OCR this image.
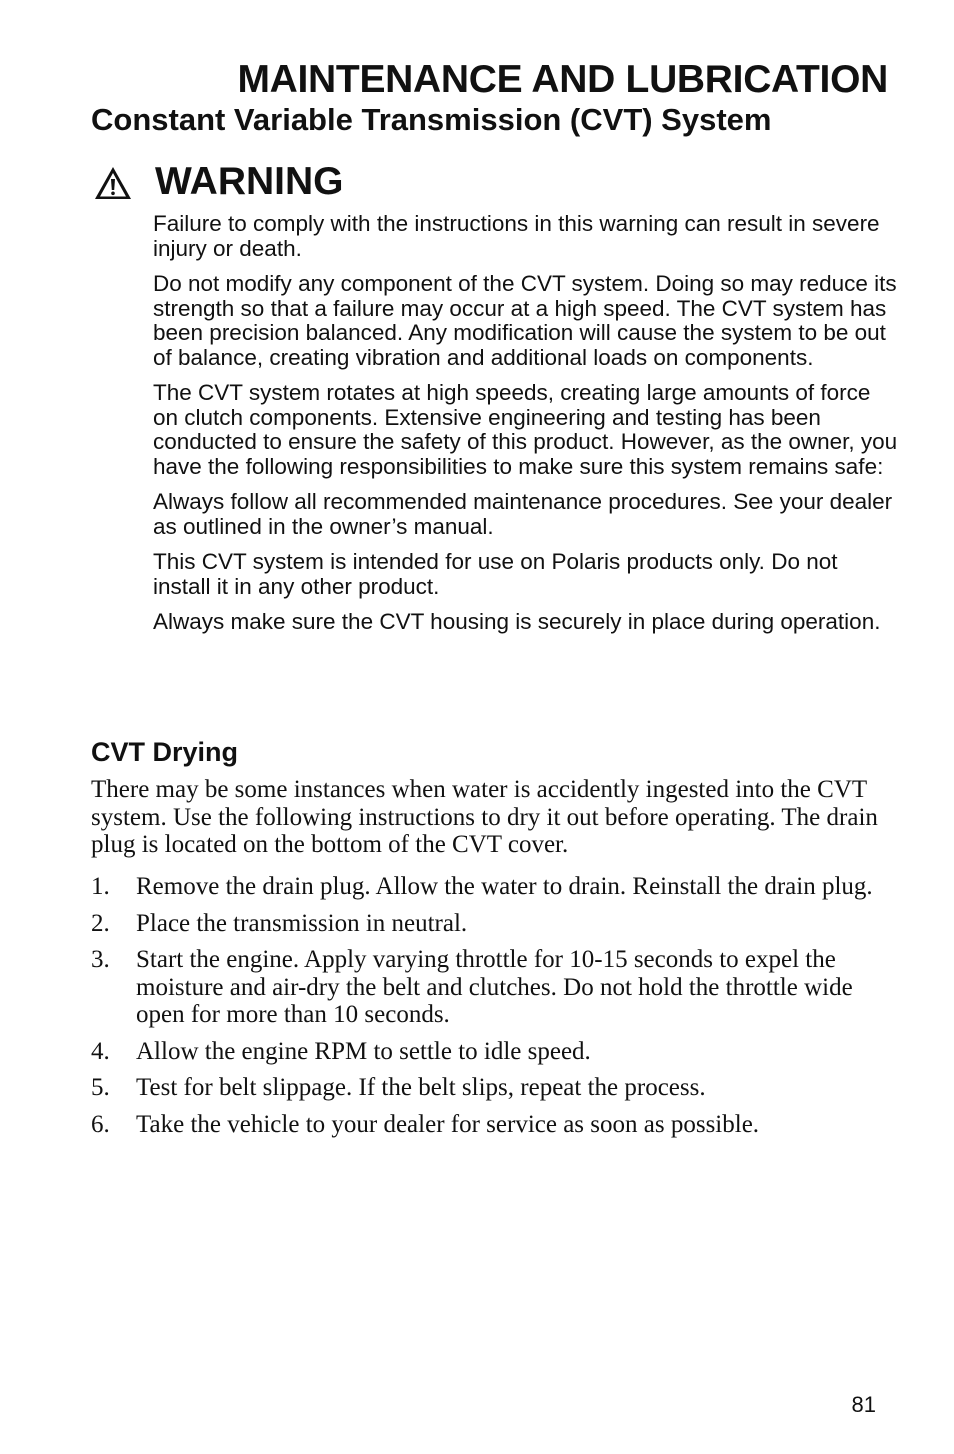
MAINTENANCE AND LUBRICATION
Constant Variable Transmission (CVT) System
WARNING

Failure to comply with the instructions in this warning can result in severe injury or death.

Do not modify any component of the CVT system. Doing so may reduce its strength so that a failure may occur at a high speed. The CVT system has been precision balanced. Any modification will cause the system to be out of balance, creating vibration and additional loads on components.

The CVT system rotates at high speeds, creating large amounts of force on clutch components. Extensive engineering and testing has been conducted to ensure the safety of this product. However, as the owner, you have the following responsibilities to make sure this system remains safe:

Always follow all recommended maintenance procedures. See your dealer as outlined in the owner’s manual.

This CVT system is intended for use on Polaris products only. Do not install it in any other product.

Always make sure the CVT housing is securely in place during operation.

CVT Drying

There may be some instances when water is accidently ingested into the CVT system. Use the following instructions to dry it out before operating. The drain plug is located on the bottom of the CVT cover.

1. Remove the drain plug. Allow the water to drain. Reinstall the drain plug.
2. Place the transmission in neutral.
3. Start the engine. Apply varying throttle for 10-15 seconds to expel the moisture and air-dry the belt and clutches. Do not hold the throttle wide open for more than 10 seconds.
4. Allow the engine RPM to settle to idle speed.
5. Test for belt slippage. If the belt slips, repeat the process.
6. Take the vehicle to your dealer for service as soon as possible.

81
